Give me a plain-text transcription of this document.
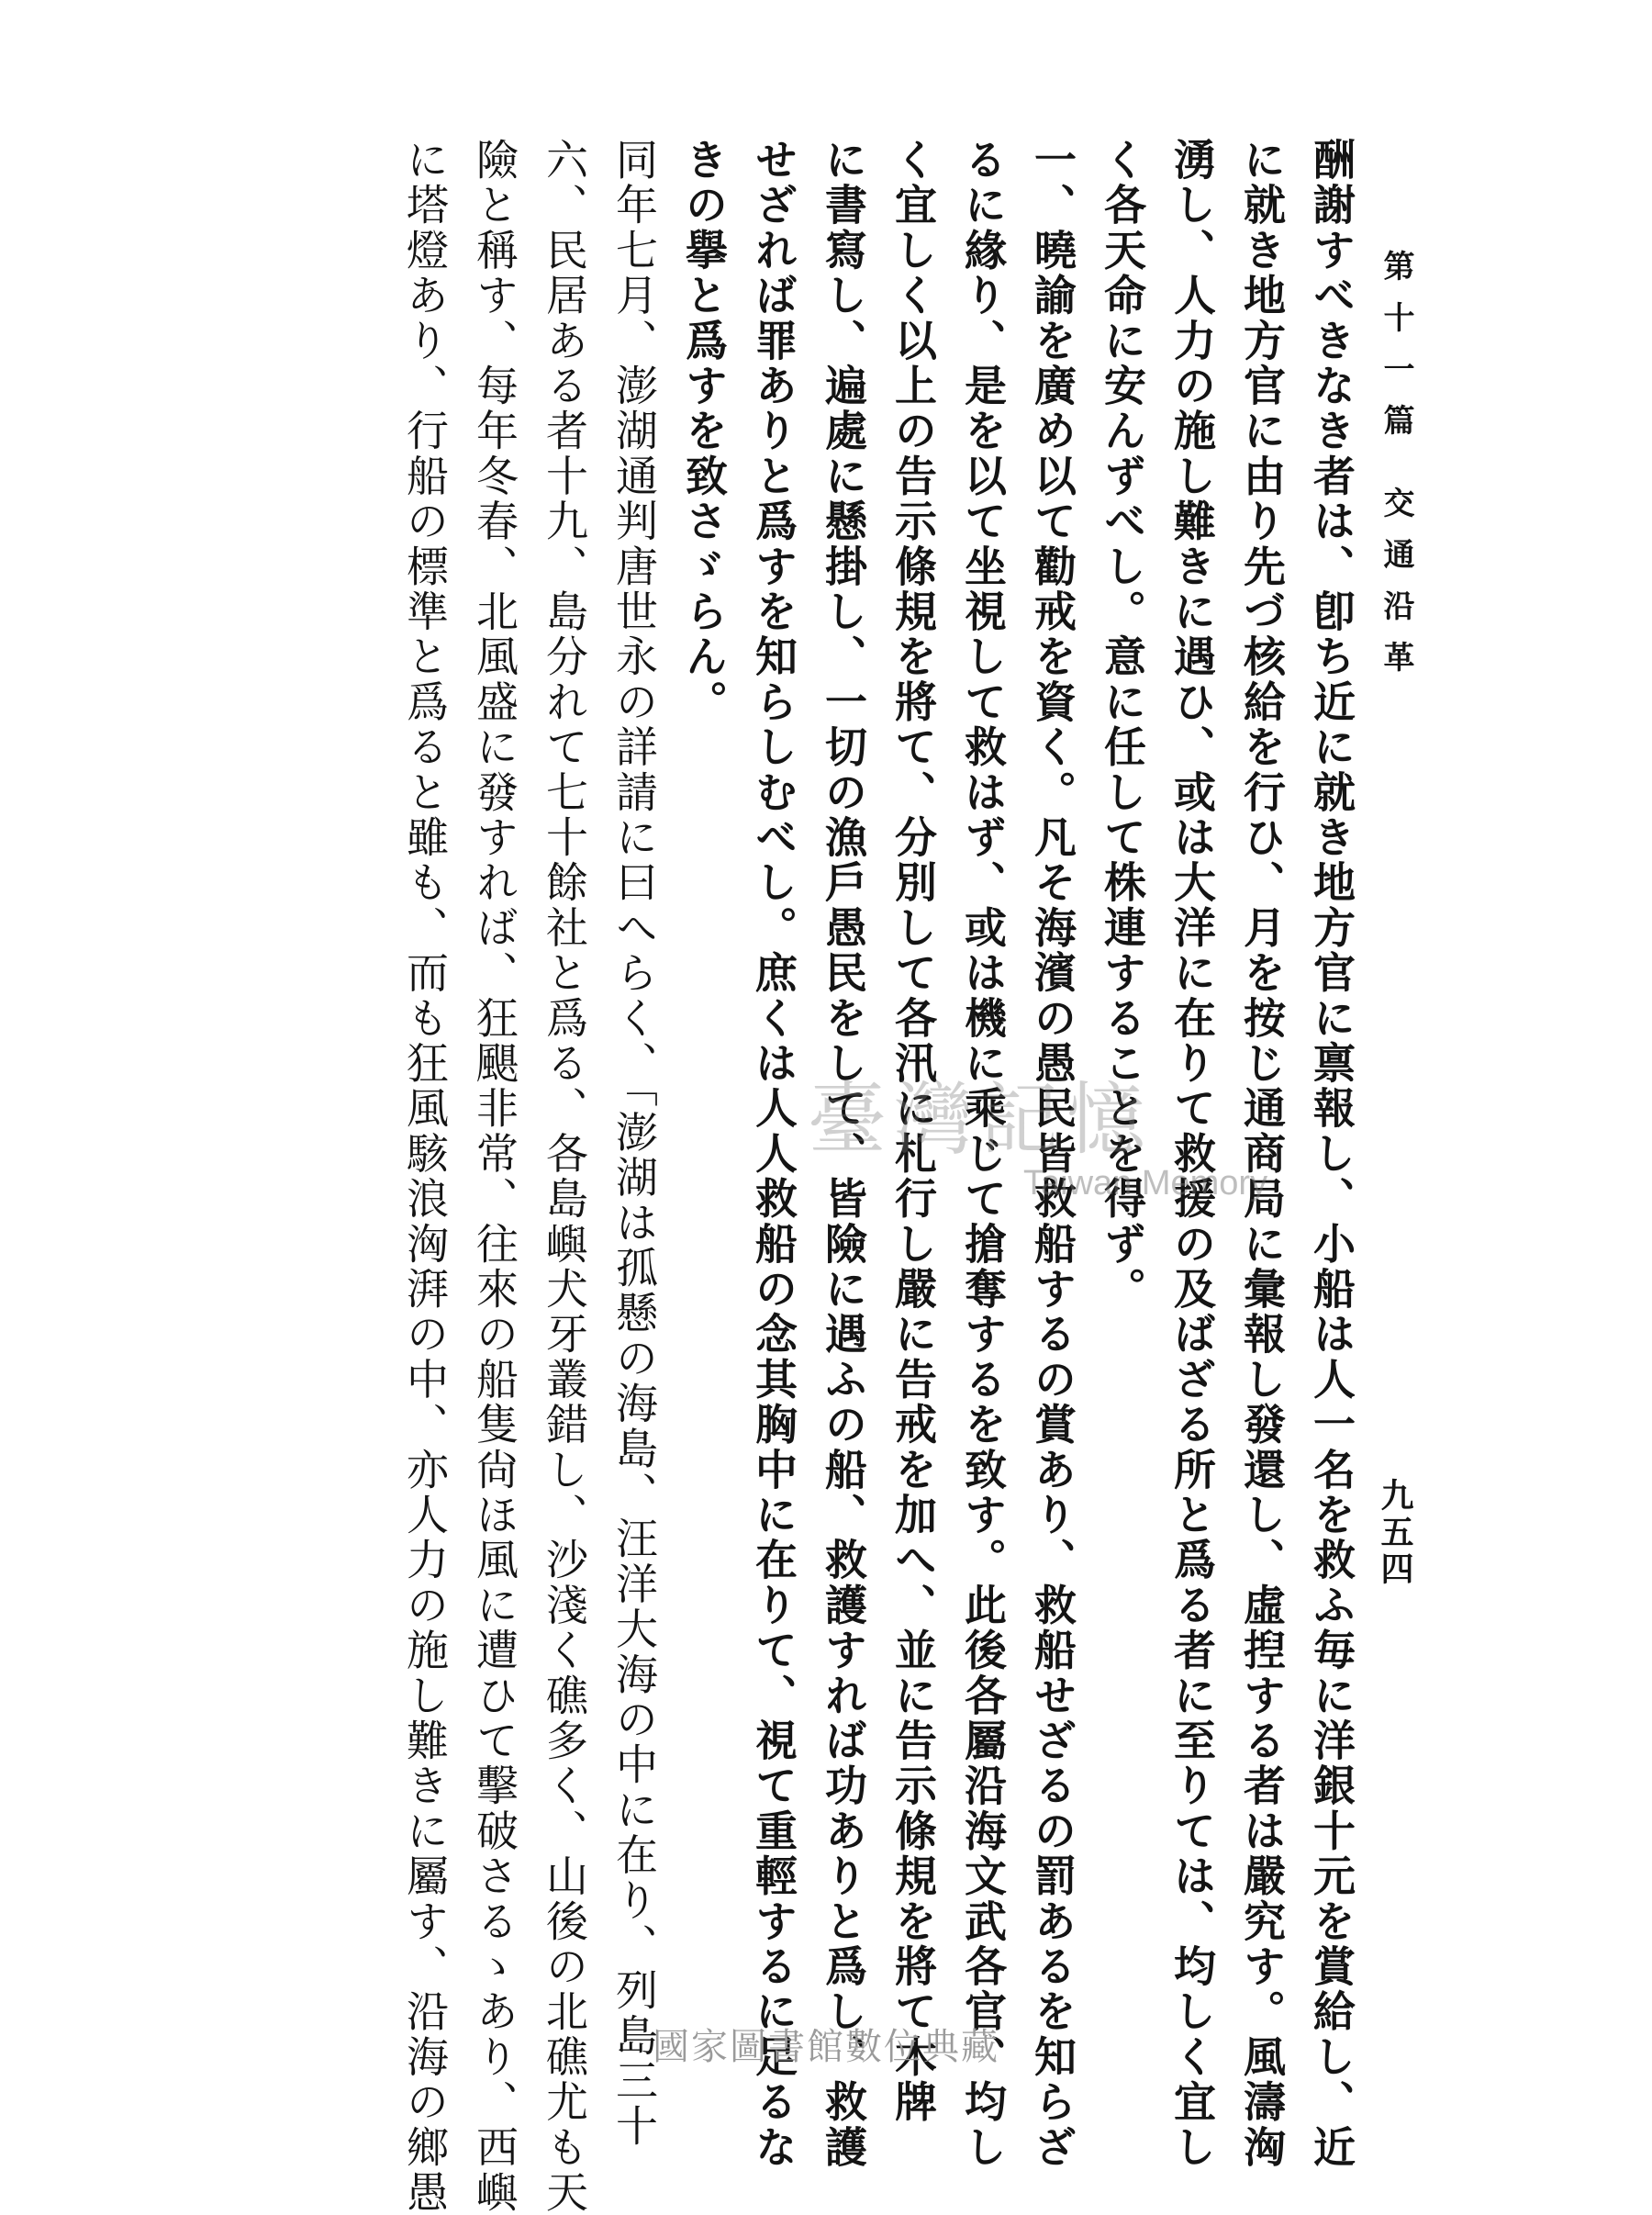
第十一篇 交通沿革
九五四
酬謝すべきなき者は、卽ち近に就き地方官に禀報し、小船は人一名を救ふ毎に洋銀十元を賞給し、近
に就き地方官に由り先づ核給を行ひ、月を按じ通商局に彙報し發還し、虛揑する者は嚴究す。風濤洶
湧し、人力の施し難きに遇ひ、或は大洋に在りて救援の及ばざる所と爲る者に至りては、均しく宜し
く各天命に安んずべし。意に任して株連することを得ず。
一、曉諭を廣め以て勸戒を資く。凡そ海濱の愚民皆救船するの賞あり、救船せざるの罰あるを知らざ
るに緣り、是を以て坐視して救はず、或は機に乘じて搶奪するを致す。此後各屬沿海文武各官、均し
く宜しく以上の告示條規を將て、分別して各汛に札行し嚴に告戒を加へ、並に告示條規を將て木牌
に書寫し、遍處に懸掛し、一切の漁戶愚民をして、皆險に遇ふの船、救護すれば功ありと爲し、救護
せざれば罪ありと爲すを知らしむべし。庶くは人人救船の念其胸中に在りて、視て重輕するに足るな
きの擧と爲すを致さゞらん。
同年七月、澎湖通判唐世永の詳請に曰へらく、「澎湖は孤懸の海島、汪洋大海の中に在り、列島三十
六、民居ある者十九、島分れて七十餘社と爲る、各島嶼犬牙叢錯し、沙淺く礁多く、山後の北礁尤も天
險と稱す、每年冬春、北風盛に發すれば、狂颶非常、往來の船隻尙ほ風に遭ひて擊破さるゝあり、西嶼
に塔燈あり、行船の標準と爲ると雖も、而も狂風駭浪洶湃の中、亦人力の施し難きに屬す、沿海の鄉愚	臺灣記憶
Taiwan Memory
國家圖書館數位典藏
